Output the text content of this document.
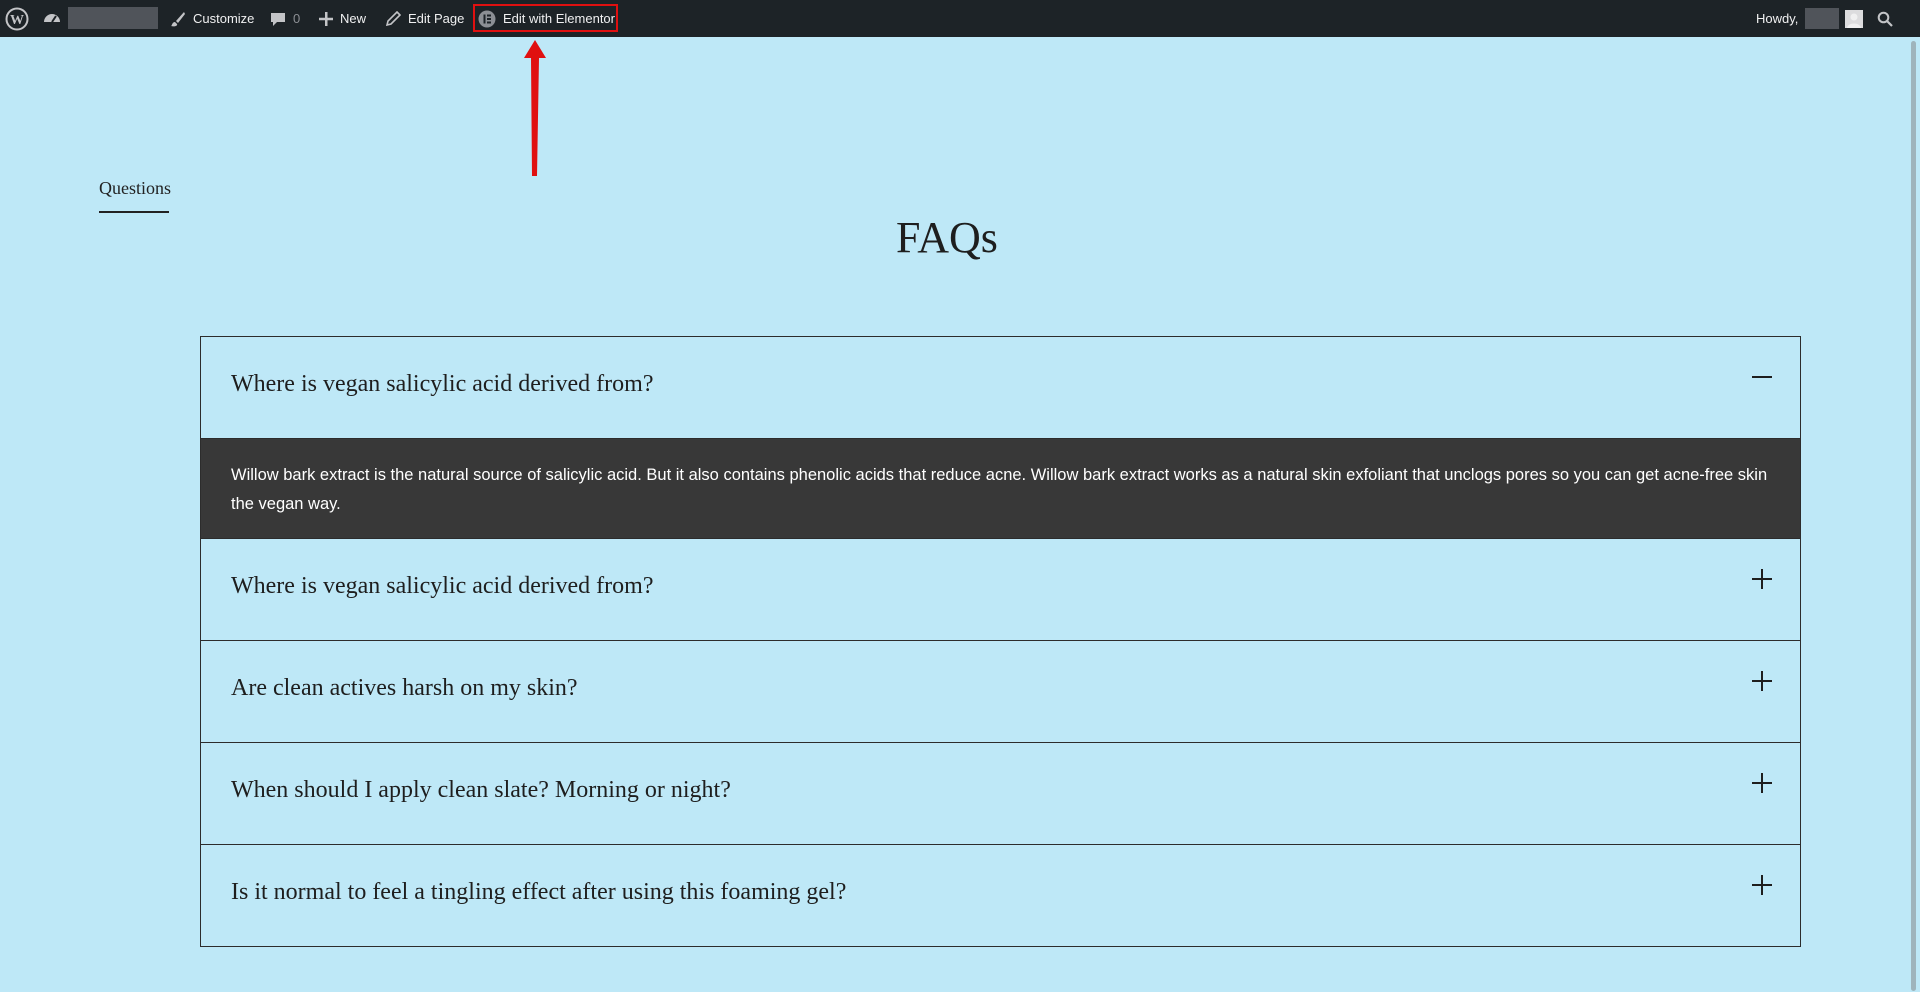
W	Customize	0	New	Edit Page	Edit with Elementor	Howdy,
Questions
FAQs
Where is vegan salicylic acid derived from?
Willow bark extract is the natural source of salicylic acid. But it also contains phenolic acids that reduce acne. Willow bark extract works as a natural skin exfoliant that unclogs pores so you can get acne-free skin the vegan way.
Where is vegan salicylic acid derived from?
Are clean actives harsh on my skin?
When should I apply clean slate? Morning or night?
Is it normal to feel a tingling effect after using this foaming gel?
